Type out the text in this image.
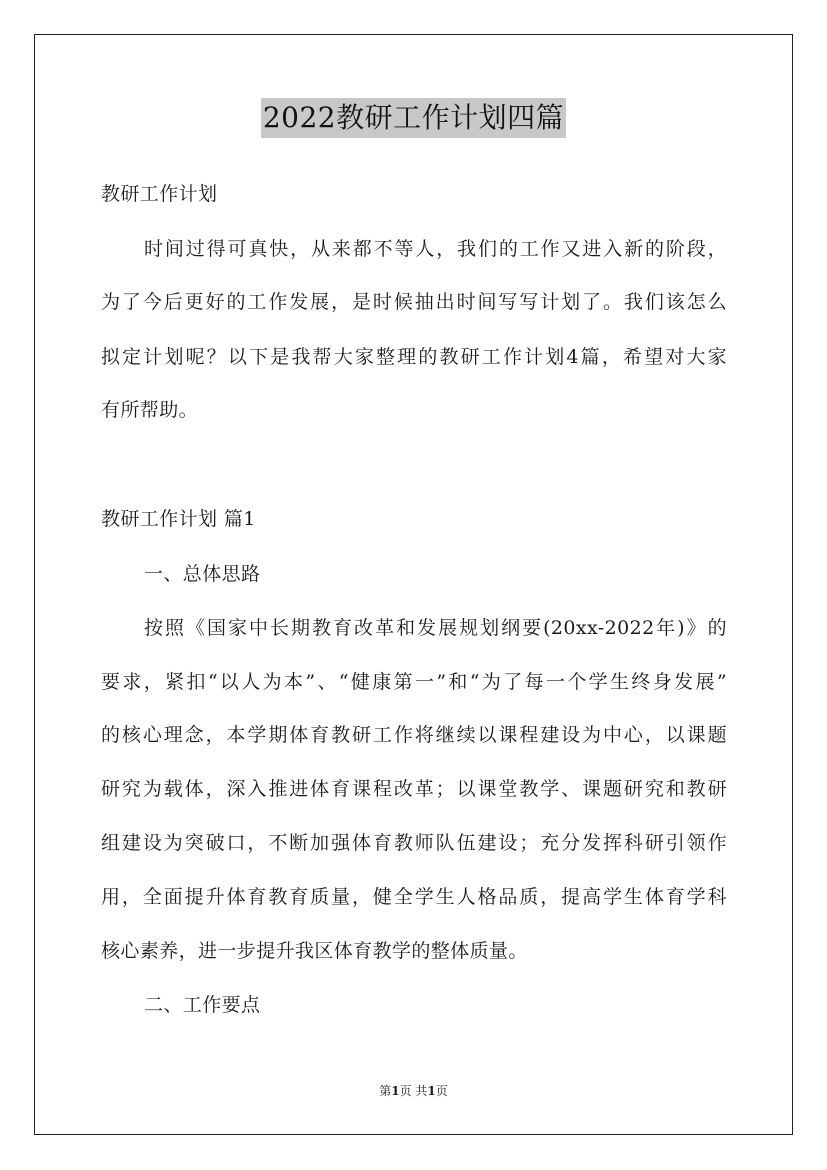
2022教研工作计划四篇
教研工作计划
时间过得可真快，从来都不等人，我们的工作又进入新的阶段，
为了今后更好的工作发展，是时候抽出时间写写计划了。我们该怎么
拟定计划呢？以下是我帮大家整理的教研工作计划4篇，希望对大家
有所帮助。
教研工作计划 篇1
一、总体思路
按照《国家中长期教育改革和发展规划纲要(20xx-2022年)》的
要求，紧扣“以人为本”、“健康第一”和“为了每一个学生终身发展”
的核心理念，本学期体育教研工作将继续以课程建设为中心，以课题
研究为载体，深入推进体育课程改革；以课堂教学、课题研究和教研
组建设为突破口，不断加强体育教师队伍建设；充分发挥科研引领作
用，全面提升体育教育质量，健全学生人格品质，提高学生体育学科
核心素养，进一步提升我区体育教学的整体质量。
二、工作要点
第1页 共1页
